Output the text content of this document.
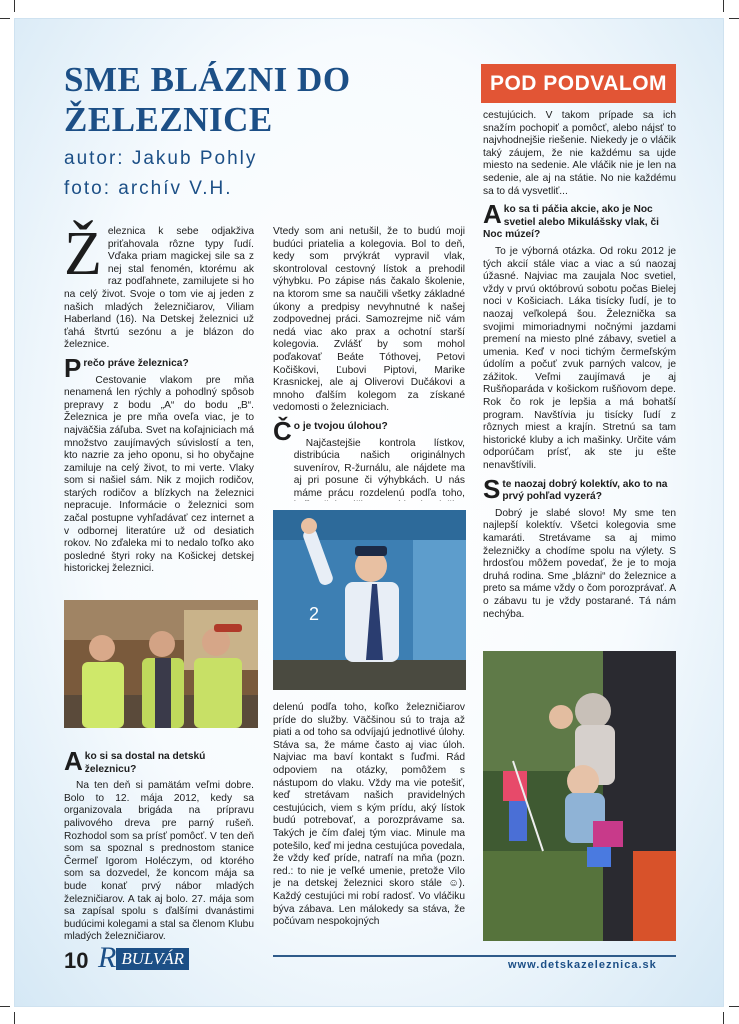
SME BLÁZNI DO
ŽELEZNICE
autor: Jakub Pohly
foto: archív V.H.
POD PODVALOM

Ž eleznica k sebe odjakživa priťahovala rôzne typy ľudí. Vďaka priam magickej sile sa z nej stal fenomén, ktorému ak raz podľahnete, zamilujete si ho na celý život. Svoje o tom vie aj jeden z našich mladých železničiarov, Viliam Haberland (16). Na Detskej železnici už ťahá štvrtú sezónu a je blázon do železnice.

Prečo práve železnica?

Cestovanie vlakom pre mňa nenamená len rýchly a pohodlný spôsob prepravy z bodu „A“ do bodu „B“. Železnica je pre mňa oveľa viac, je to najväčšia záľuba. Svet na koľajniciach má množstvo zaujímavých súvislostí a ten, kto nazrie za jeho oponu, si ho obyčajne zamiluje na celý život, to mi verte. Vlaky som si našiel sám. Nik z mojich rodičov, starých rodičov a blízkych na železnici nepracuje. Informácie o železnici som začal postupne vyhľadávať cez internet a v odbornej literatúre už od desiatich rokov. No zďaleka mi to nedalo toľko ako posledné štyri roky na Košickej detskej historickej železnici.

Ako si sa dostal na detskú železnicu?

Na ten deň si pamätám veľmi dobre. Bolo to 12. mája 2012, kedy sa organizovala brigáda na prípravu palivového dreva pre parný rušeň. Rozhodol som sa prísť pomôcť. V ten deň som sa spoznal s prednostom stanice Čermeľ Igorom Holéczym, od ktorého som sa dozvedel, že koncom mája sa bude konať prvý nábor mladých železničiarov. A tak aj bolo. 27. mája som sa zapísal spolu s ďalšími dvanástimi budúcimi kolegami a stal sa členom Klubu mladých železničiarov.

Vtedy som ani netušil, že to budú moji budúci priatelia a kolegovia. Bol to deň, kedy som prvýkrát vypravil vlak, skontroloval cestovný lístok a prehodil výhybku. Po zápise nás čakalo školenie, na ktorom sme sa naučili všetky základné úkony a predpisy nevyhnutné k našej zodpovednej práci. Samozrejme nič vám nedá viac ako prax a ochotní starší kolegovia. Zvlášť by som mohol poďakovať Beáte Tóthovej, Petovi Kočiškovi, Ľubovi Piptovi, Marike Krasnickej, ale aj Oliverovi Dučákovi a mnoho ďalším kolegom za získané vedomosti o železniciach.

Čo je tvojou úlohou?

Najčastejšie kontrola lístkov, distribúcia našich originálnych suvenírov, R-žurnálu, ale nájdete ma aj pri posune či výhybkách. U nás máme prácu rozdelenú podľa toho,

2

delenú podľa toho, koľko železničiarov príde do služby. Väčšinou sú to traja až piati a od toho sa odvíjajú jednotlivé úlohy. Stáva sa, že máme často aj viac úloh. Najviac ma baví kontakt s ľuďmi. Rád odpoviem na otázky, pomôžem s nástupom do vlaku. Vždy ma vie potešiť, keď stretávam našich pravidelných cestujúcich, viem s kým prídu, aký lístok budú potrebovať, a porozprávame sa. Takých je čím ďalej tým viac. Minule ma potešilo, keď mi jedna cestujúca povedala, že vždy keď príde, natrafí na mňa (pozn. red.: to nie je veľké umenie, pretože Vilo je na detskej železnici skoro stále ☺). Každý cestujúci mi robí radosť. Vo vláčiku býva zábava. Len málokedy sa stáva, že počúvam nespokojných

cestujúcich. V takom prípade sa ich snažím pochopiť a pomôcť, alebo nájsť to najvhodnejšie riešenie. Niekedy je o vláčik taký záujem, že nie každému sa ujde miesto na sedenie. Ale vláčik nie je len na sedenie, ale aj na státie. No nie každému sa to dá vysvetliť...

Ako sa ti páčia akcie, ako je Noc svetiel alebo Mikulášsky vlak, či Noc múzeí?

To je výborná otázka. Od roku 2012 je tých akcií stále viac a viac a sú naozaj úžasné. Najviac ma zaujala Noc svetiel, vždy v prvú októbrovú sobotu počas Bielej noci v Košiciach. Láka tisícky ľudí, je to naozaj veľkolepá šou. Železnička sa svojimi mimoriadnymi nočnými jazdami premení na miesto plné zábavy, svetiel a umenia. Keď v noci tichým čermeľským údolím a počuť zvuk parných valcov, je zážitok. Veľmi zaujímavá je aj Rušňoparáda v košickom rušňovom depe. Rok čo rok je lepšia a má bohatší program. Navštívia ju tisícky ľudí z rôznych miest a krajín. Stretnú sa tam historické kluby a ich mašinky. Určite vám odporúčam prísť, ak ste ju ešte nenavštívili.

Ste naozaj dobrý kolektív, ako to na prvý pohľad vyzerá?

Dobrý je slabé slovo! My sme ten najlepší kolektív. Všetci kolegovia sme kamaráti. Stretávame sa aj mimo železničky a chodíme spolu na výlety. S hrdosťou môžem povedať, že je to moja druhá rodina. Sme „blázni“ do železnice a preto sa máme vždy o čom porozprávať. A o zábavu tu je vždy postarané. Tá nám nechýba.

10 R BULVÁR	www.detskazeleznica.sk
